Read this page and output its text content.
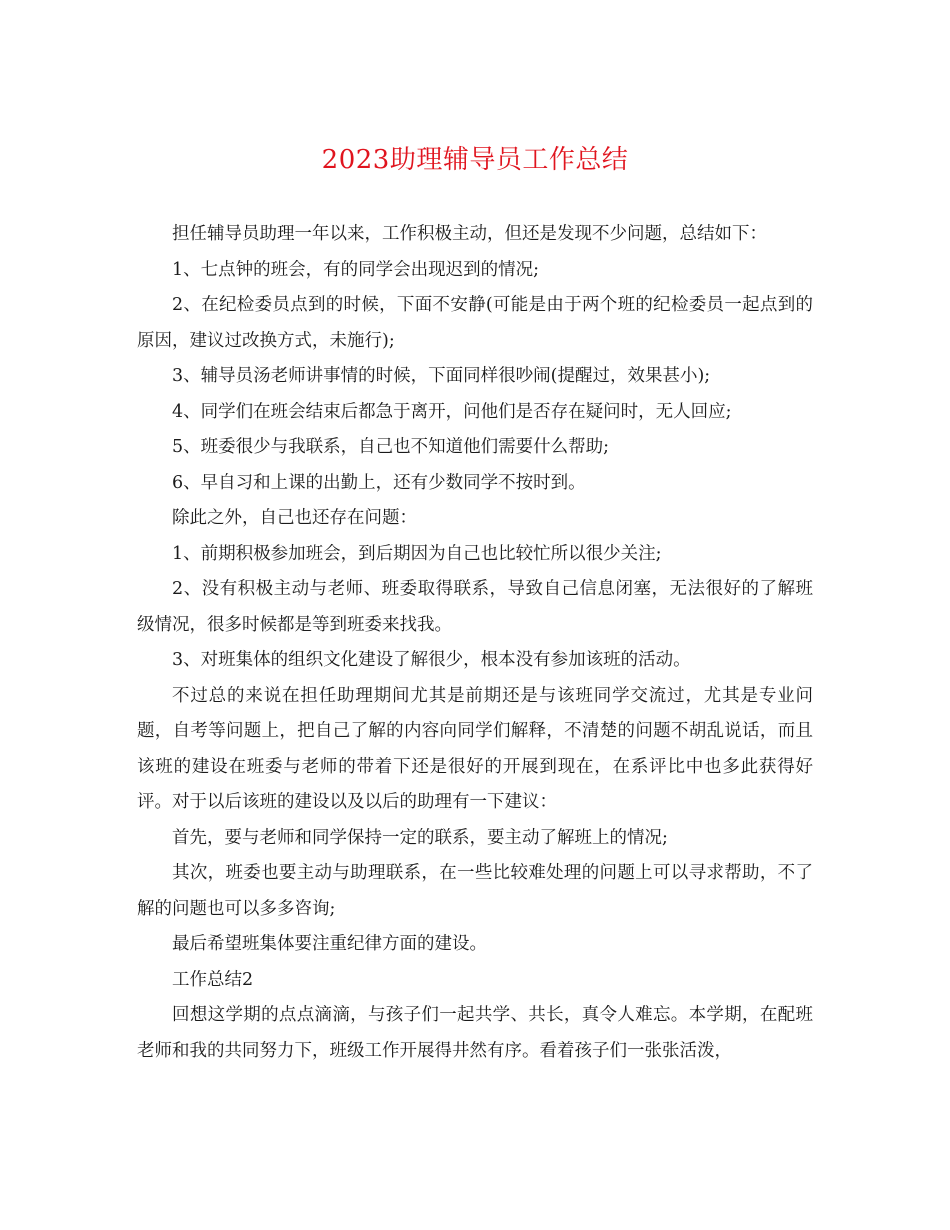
2023助理辅导员工作总结

担任辅导员助理一年以来，工作积极主动，但还是发现不少问题，总结如下：

1、七点钟的班会，有的同学会出现迟到的情况;

2、在纪检委员点到的时候，下面不安静(可能是由于两个班的纪检委员一起点到的原因，建议过改换方式，未施行);

3、辅导员汤老师讲事情的时候，下面同样很吵闹(提醒过，效果甚小);

4、同学们在班会结束后都急于离开，问他们是否存在疑问时，无人回应;

5、班委很少与我联系，自己也不知道他们需要什么帮助;

6、早自习和上课的出勤上，还有少数同学不按时到。

除此之外，自己也还存在问题：

1、前期积极参加班会，到后期因为自己也比较忙所以很少关注;

2、没有积极主动与老师、班委取得联系，导致自己信息闭塞，无法很好的了解班级情况，很多时候都是等到班委来找我。

3、对班集体的组织文化建设了解很少，根本没有参加该班的活动。

不过总的来说在担任助理期间尤其是前期还是与该班同学交流过，尤其是专业问题，自考等问题上，把自己了解的内容向同学们解释，不清楚的问题不胡乱说话，而且该班的建设在班委与老师的带着下还是很好的开展到现在，在系评比中也多此获得好评。对于以后该班的建设以及以后的助理有一下建议：

首先，要与老师和同学保持一定的联系，要主动了解班上的情况;

其次，班委也要主动与助理联系，在一些比较难处理的问题上可以寻求帮助，不了解的问题也可以多多咨询;

最后希望班集体要注重纪律方面的建设。

工作总结2

回想这学期的点点滴滴，与孩子们一起共学、共长，真令人难忘。本学期，在配班老师和我的共同努力下，班级工作开展得井然有序。看着孩子们一张张活泼，
